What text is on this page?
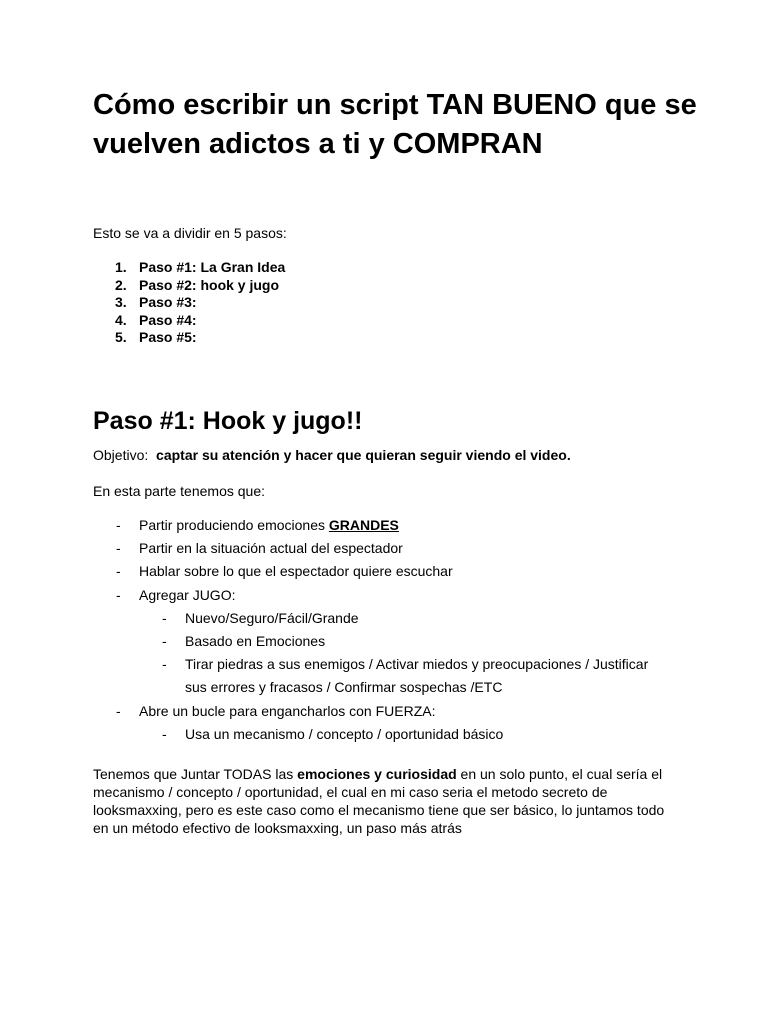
Cómo escribir un script TAN BUENO que se vuelven adictos a ti y COMPRAN

Esto se va a dividir en 5 pasos:

1. Paso #1: La Gran Idea
2. Paso #2: hook y jugo
3. Paso #3:
4. Paso #4:
5. Paso #5:
Paso #1: Hook y jugo!!

Objetivo: captar su atención y hacer que quieran seguir viendo el video.

En esta parte tenemos que:

- Partir produciendo emociones GRANDES
- Partir en la situación actual del espectador
- Hablar sobre lo que el espectador quiere escuchar
- Agregar JUGO:
- Nuevo/Seguro/Fácil/Grande
- Basado en Emociones
- Tirar piedras a sus enemigos / Activar miedos y preocupaciones / Justificar
sus errores y fracasos / Confirmar sospechas /ETC
- Abre un bucle para engancharlos con FUERZA:
- Usa un mecanismo / concepto / oportunidad básico

Tenemos que Juntar TODAS las emociones y curiosidad en un solo punto, el cual sería el
mecanismo / concepto / oportunidad, el cual en mi caso seria el metodo secreto de
looksmaxxing, pero es este caso como el mecanismo tiene que ser básico, lo juntamos todo
en un método efectivo de looksmaxxing, un paso más atrás
